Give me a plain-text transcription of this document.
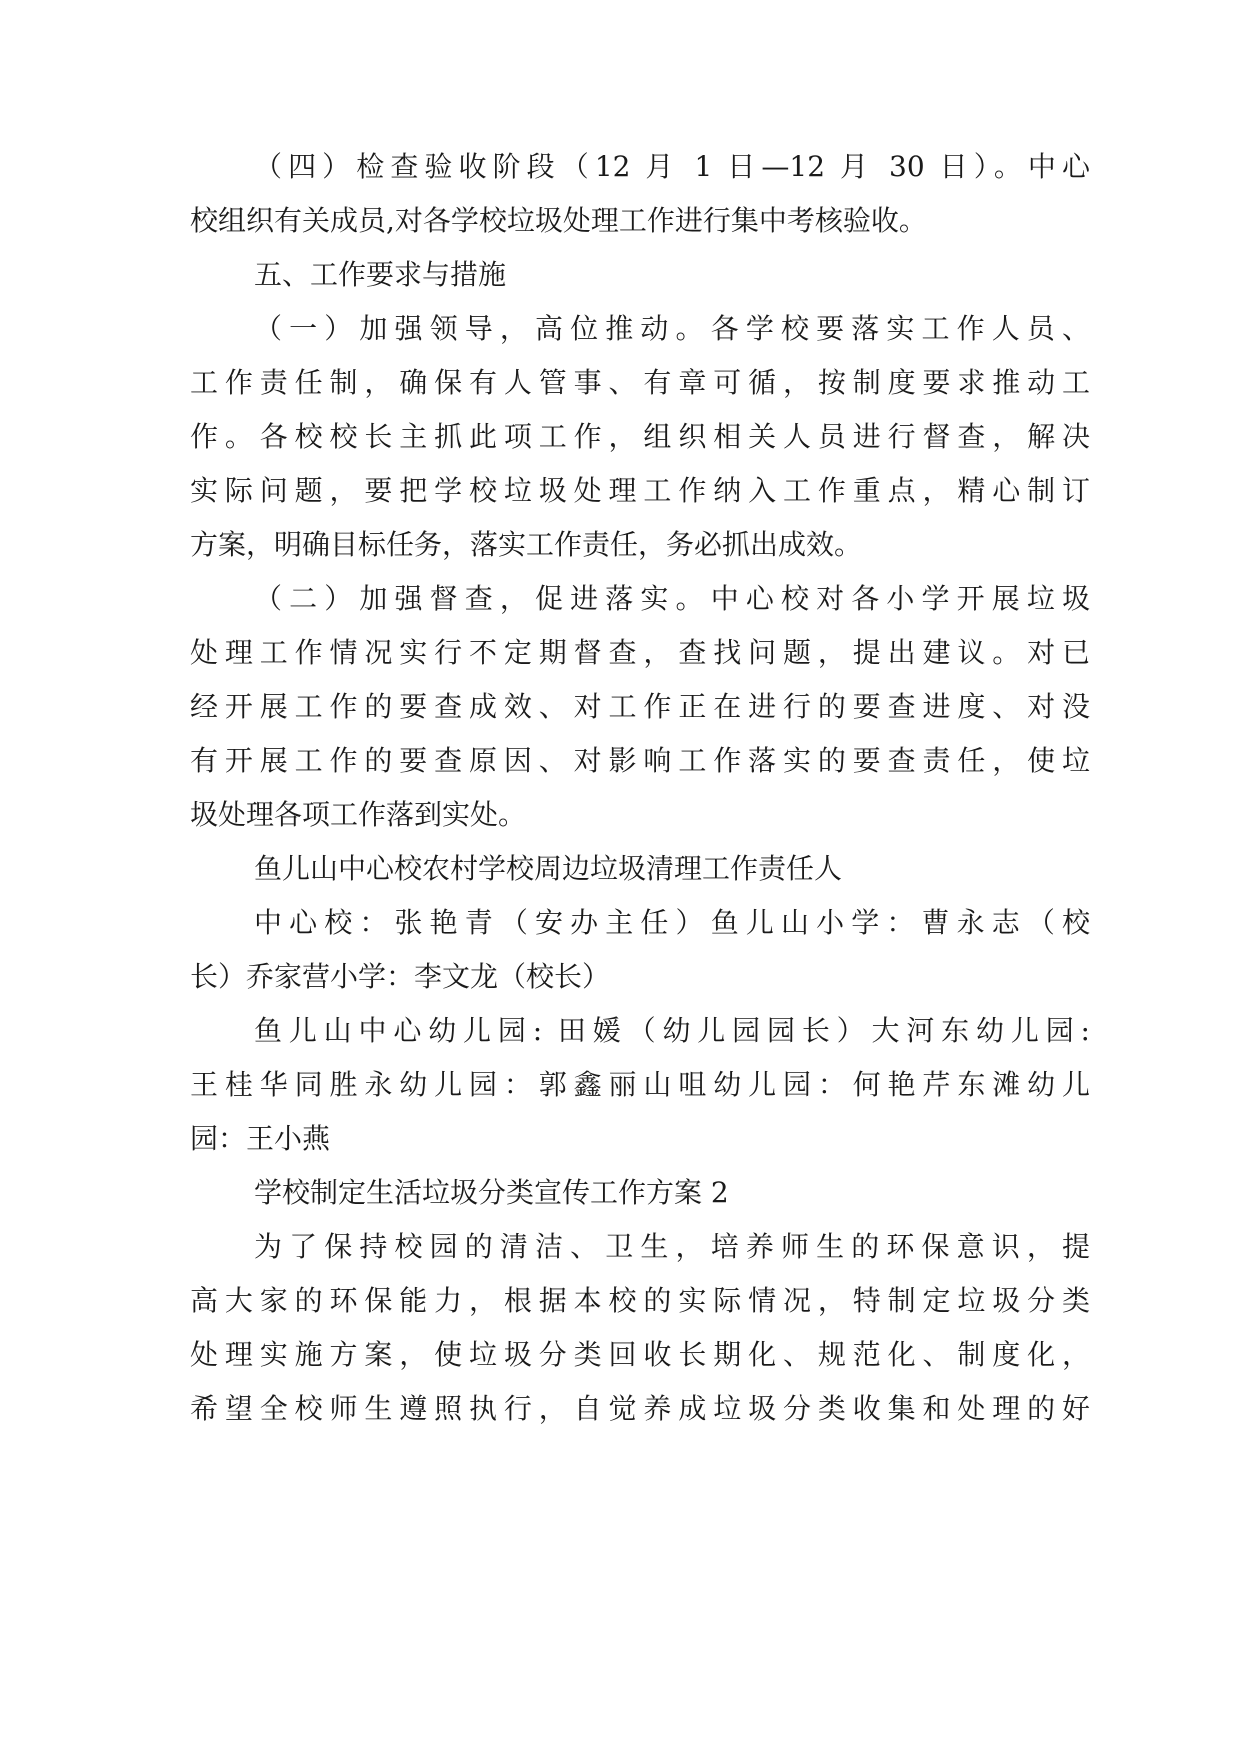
（四）检查验收阶段（12 月 1 日—12 月 30 日）。中心
校组织有关成员,对各学校垃圾处理工作进行集中考核验收。
五、工作要求与措施
（一）加强领导，高位推动。各学校要落实工作人员、
工作责任制，确保有人管事、有章可循，按制度要求推动工
作。各校校长主抓此项工作，组织相关人员进行督查，解决
实际问题，要把学校垃圾处理工作纳入工作重点，精心制订
方案，明确目标任务，落实工作责任，务必抓出成效。
（二）加强督查，促进落实。中心校对各小学开展垃圾
处理工作情况实行不定期督查，查找问题，提出建议。对已
经开展工作的要查成效、对工作正在进行的要查进度、对没
有开展工作的要查原因、对影响工作落实的要查责任，使垃
圾处理各项工作落到实处。
鱼儿山中心校农村学校周边垃圾清理工作责任人
中心校：张艳青（安办主任）鱼儿山小学：曹永志（校
长）乔家营小学：李文龙（校长）
鱼儿山中心幼儿园: 田媛（幼儿园园长）大河东幼儿园:
王桂华同胜永幼儿园：郭鑫丽山咀幼儿园：何艳芹东滩幼儿
园：王小燕
学校制定生活垃圾分类宣传工作方案 2
为了保持校园的清洁、卫生，培养师生的环保意识，提
高大家的环保能力，根据本校的实际情况，特制定垃圾分类
处理实施方案，使垃圾分类回收长期化、规范化、制度化，
希望全校师生遵照执行，自觉养成垃圾分类收集和处理的好
